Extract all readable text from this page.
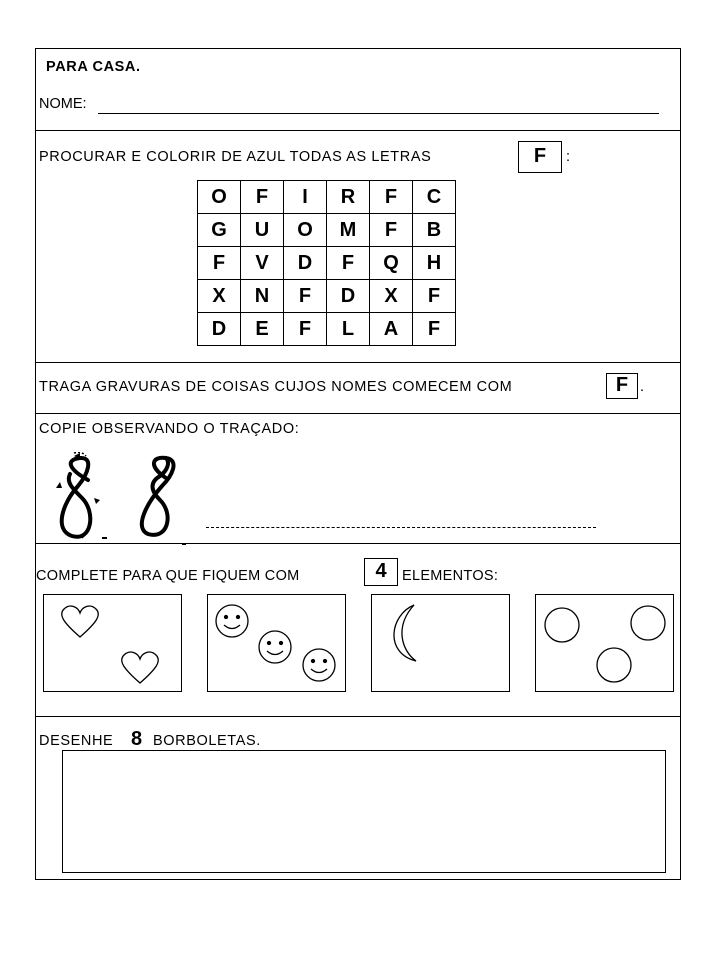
PARA CASA.
NOME:
PROCURAR E COLORIR DE AZUL TODAS AS LETRAS	F	:
O	F	I	R	F	C
G	U	O	M	F	B
F	V	D	F	Q	H
X	N	F	D	X	F
D	E	F	L	A	F
TRAGA GRAVURAS DE COISAS CUJOS NOMES COMECEM COM	F .
COPIE OBSERVANDO O TRAÇADO:
COMPLETE PARA QUE FIQUEM COM	4	ELEMENTOS:
DESENHE 8 BORBOLETAS.
